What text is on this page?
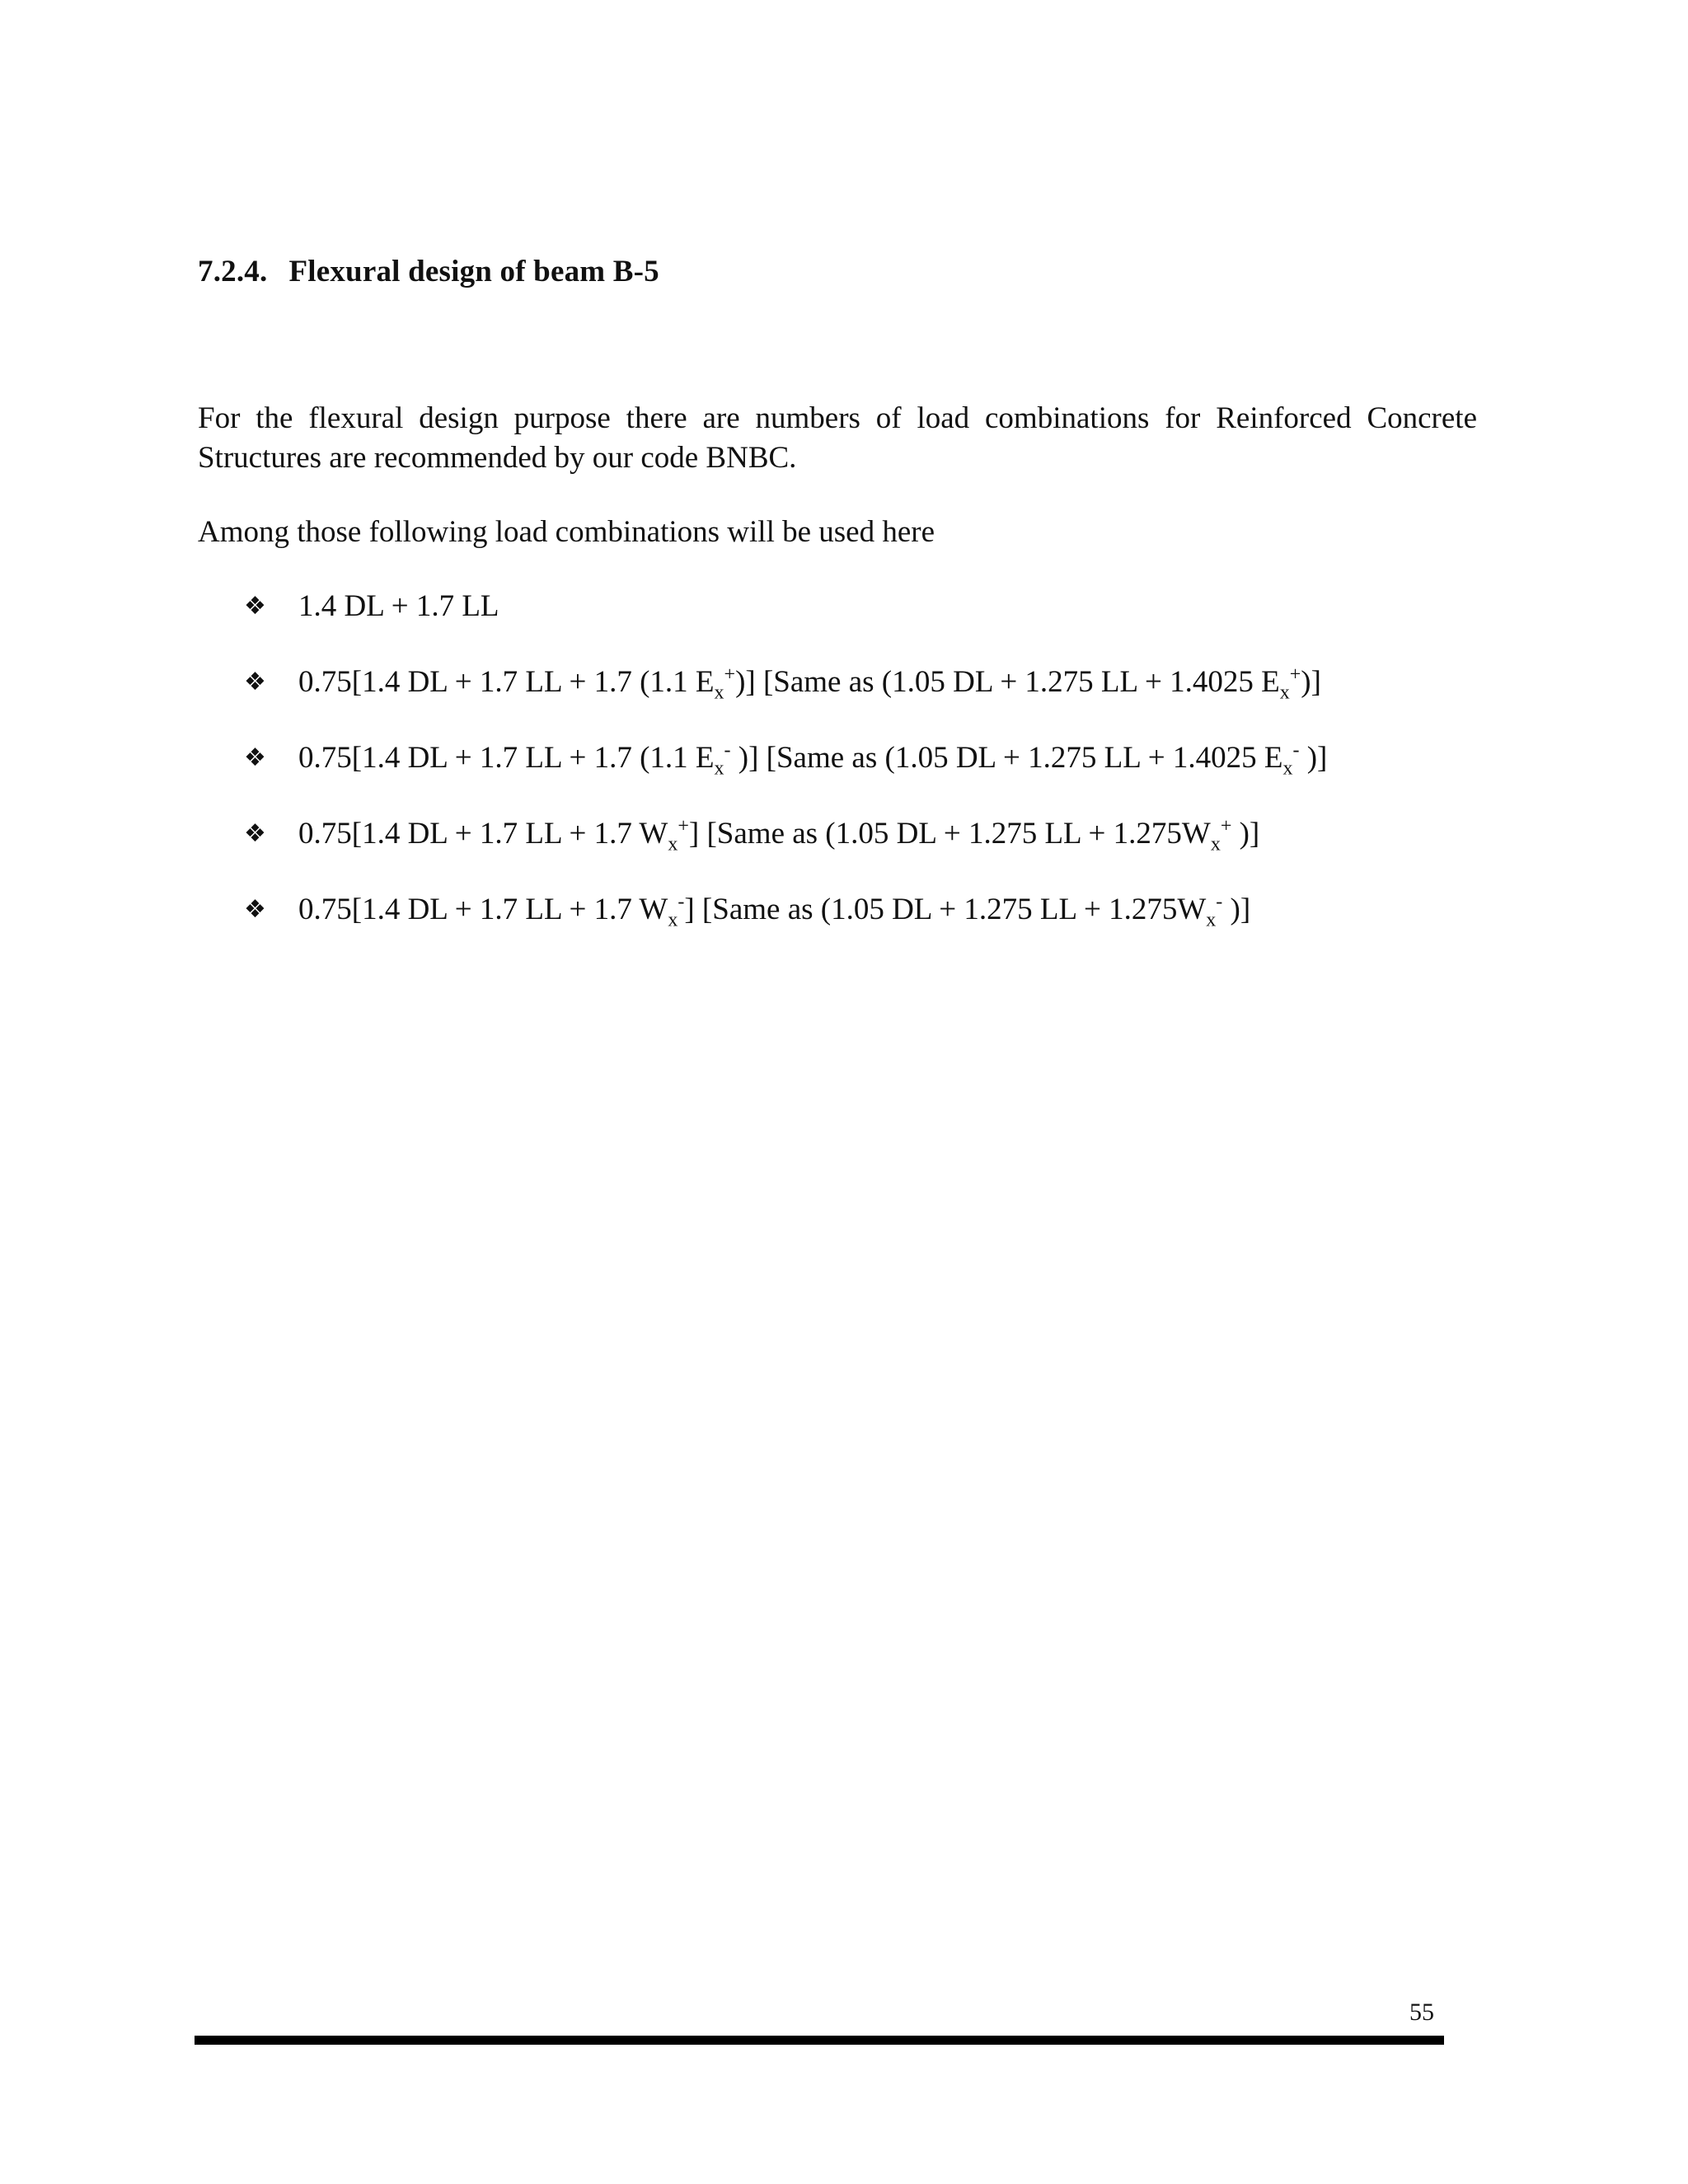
7.2.4. Flexural design of beam B-5

For the flexural design purpose there are numbers of load combinations for Reinforced Concrete Structures are recommended by our code BNBC.

Among those following load combinations will be used here

❖ 1.4 DL + 1.7 LL
❖ 0.75[1.4 DL + 1.7 LL + 1.7 (1.1 $E_x^+$)] [Same as (1.05 DL + 1.275 LL + 1.4025 $E_x^+$)]
❖ 0.75[1.4 DL + 1.7 LL + 1.7 (1.1 $E_x^-$ )] [Same as (1.05 DL + 1.275 LL + 1.4025 $E_x^-$ )]
❖ 0.75[1.4 DL + 1.7 LL + 1.7 $W_x^+$] [Same as (1.05 DL + 1.275 LL + $1.275W_x^+$ )]
❖ 0.75[1.4 DL + 1.7 LL + 1.7 $W_x^-$] [Same as (1.05 DL + 1.275 LL + $1.275W_x^-$ )]
55
